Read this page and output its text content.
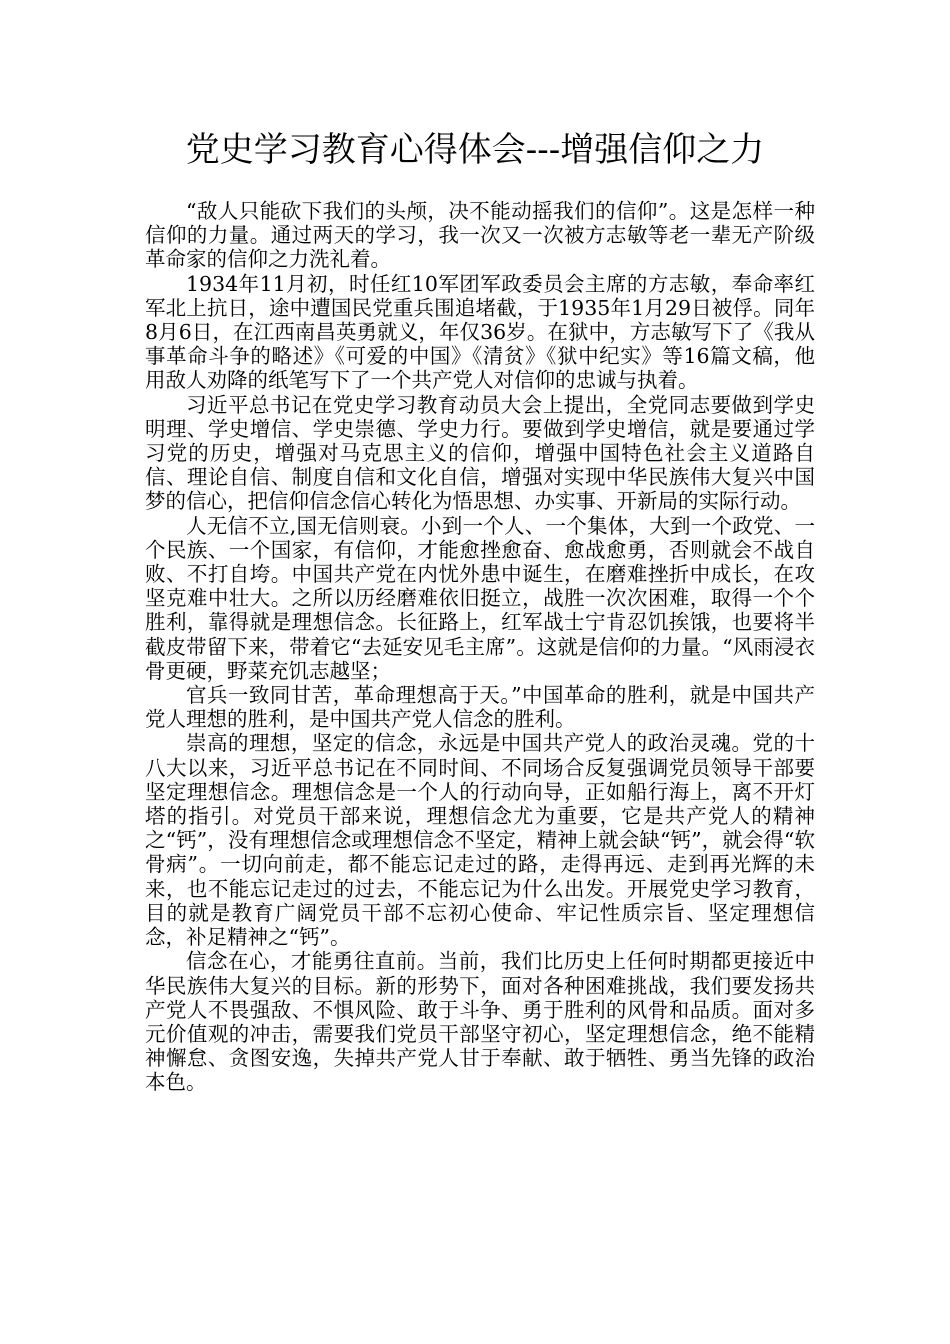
党史学习教育心得体会---增强信仰之力

“敌人只能砍下我们的头颅，决不能动摇我们的信仰”。这是怎样一种信仰的力量。通过两天的学习，我一次又一次被方志敏等老一辈无产阶级革命家的信仰之力洗礼着。

1934年11月初，时任红10军团军政委员会主席的方志敏，奉命率红军北上抗日，途中遭国民党重兵围追堵截，于1935年1月29日被俘。同年8月6日，在江西南昌英勇就义，年仅36岁。在狱中，方志敏写下了《我从事革命斗争的略述》《可爱的中国》《清贫》《狱中纪实》等16篇文稿，他用敌人劝降的纸笔写下了一个共产党人对信仰的忠诚与执着。

习近平总书记在党史学习教育动员大会上提出，全党同志要做到学史明理、学史增信、学史崇德、学史力行。要做到学史增信，就是要通过学习党的历史，增强对马克思主义的信仰，增强中国特色社会主义道路自信、理论自信、制度自信和文化自信，增强对实现中华民族伟大复兴中国梦的信心，把信仰信念信心转化为悟思想、办实事、开新局的实际行动。

人无信不立,国无信则衰。小到一个人、一个集体，大到一个政党、一个民族、一个国家，有信仰，才能愈挫愈奋、愈战愈勇，否则就会不战自败、不打自垮。中国共产党在内忧外患中诞生，在磨难挫折中成长，在攻坚克难中壮大。之所以历经磨难依旧挺立，战胜一次次困难，取得一个个胜利，靠得就是理想信念。长征路上，红军战士宁肯忍饥挨饿，也要将半截皮带留下来，带着它“去延安见毛主席”。这就是信仰的力量。“风雨浸衣骨更硬，野菜充饥志越坚；

官兵一致同甘苦，革命理想高于天。”中国革命的胜利，就是中国共产党人理想的胜利，是中国共产党人信念的胜利。

崇高的理想，坚定的信念，永远是中国共产党人的政治灵魂。党的十八大以来，习近平总书记在不同时间、不同场合反复强调党员领导干部要坚定理想信念。理想信念是一个人的行动向导，正如船行海上，离不开灯塔的指引。对党员干部来说，理想信念尤为重要，它是共产党人的精神之“钙”，没有理想信念或理想信念不坚定，精神上就会缺“钙”，就会得“软骨病”。一切向前走，都不能忘记走过的路，走得再远、走到再光辉的未来，也不能忘记走过的过去，不能忘记为什么出发。开展党史学习教育，目的就是教育广阔党员干部不忘初心使命、牢记性质宗旨、坚定理想信念，补足精神之“钙”。

信念在心，才能勇往直前。当前，我们比历史上任何时期都更接近中华民族伟大复兴的目标。新的形势下，面对各种困难挑战，我们要发扬共产党人不畏强敌、不惧风险、敢于斗争、勇于胜利的风骨和品质。面对多元价值观的冲击，需要我们党员干部坚守初心，坚定理想信念，绝不能精神懈怠、贪图安逸，失掉共产党人甘于奉献、敢于牺牲、勇当先锋的政治本色。
